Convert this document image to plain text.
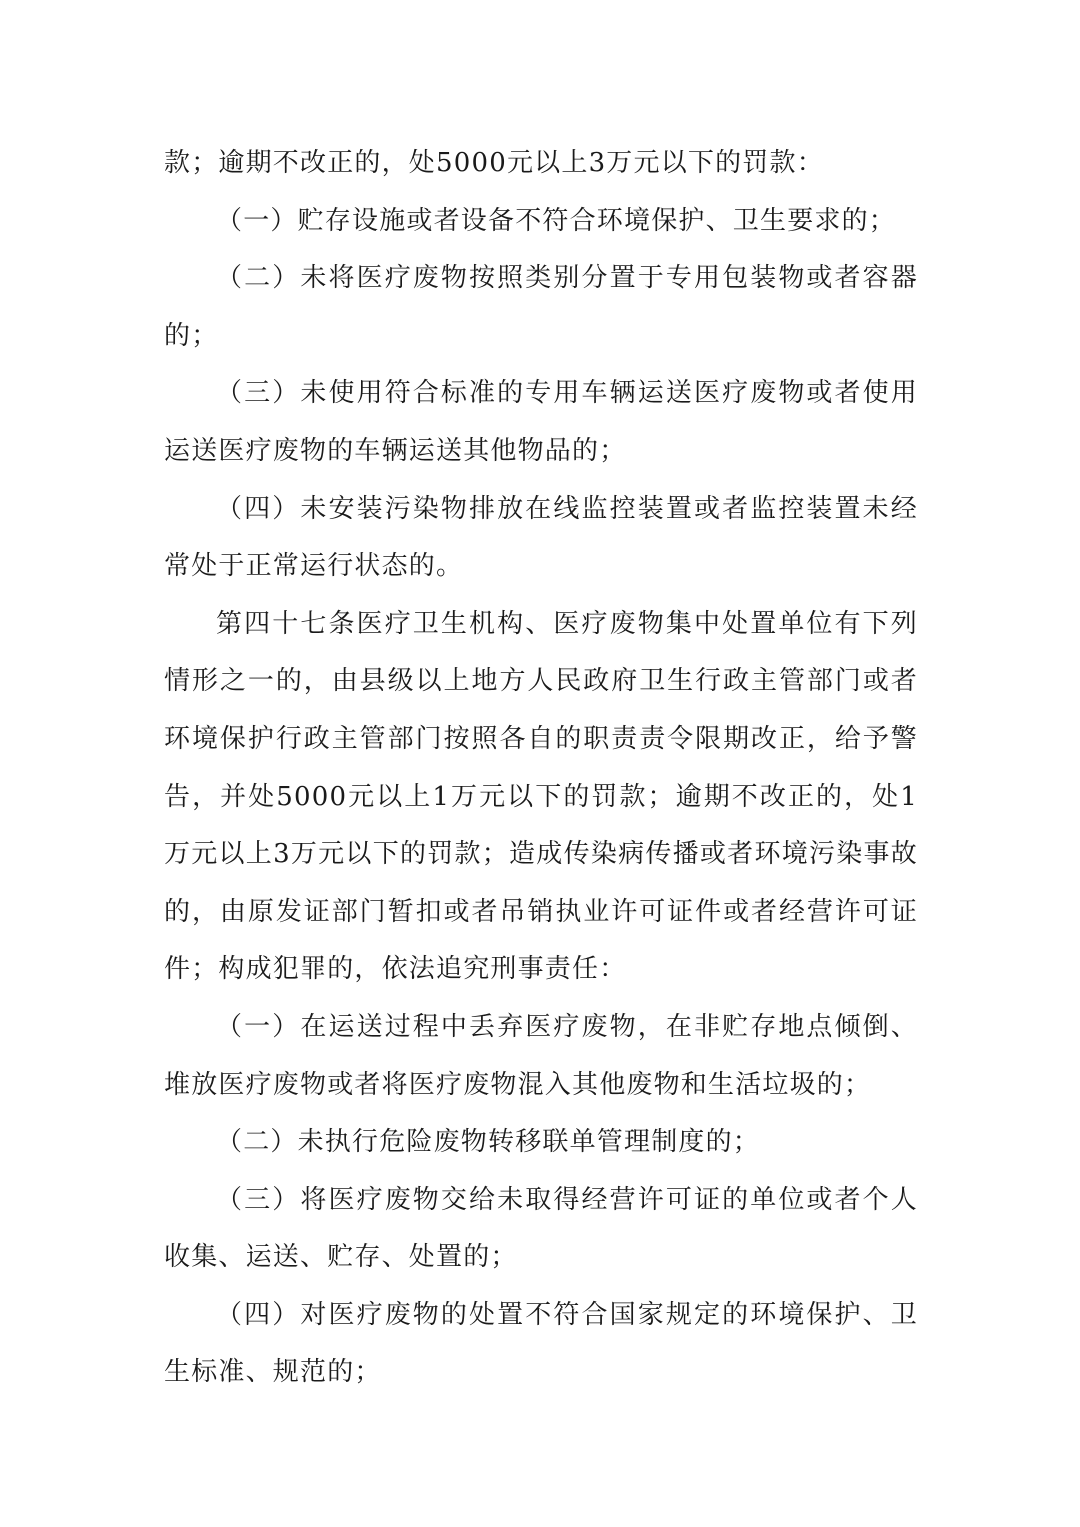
款；逾期不改正的，处5000元以上3万元以下的罚款：

（一）贮存设施或者设备不符合环境保护、卫生要求的；

（二）未将医疗废物按照类别分置于专用包装物或者容器的；

（三）未使用符合标准的专用车辆运送医疗废物或者使用运送医疗废物的车辆运送其他物品的；

（四）未安装污染物排放在线监控装置或者监控装置未经常处于正常运行状态的。

第四十七条医疗卫生机构、医疗废物集中处置单位有下列情形之一的，由县级以上地方人民政府卫生行政主管部门或者环境保护行政主管部门按照各自的职责责令限期改正，给予警告，并处5000元以上1万元以下的罚款；逾期不改正的，处1万元以上3万元以下的罚款；造成传染病传播或者环境污染事故的，由原发证部门暂扣或者吊销执业许可证件或者经营许可证件；构成犯罪的，依法追究刑事责任：

（一）在运送过程中丢弃医疗废物，在非贮存地点倾倒、堆放医疗废物或者将医疗废物混入其他废物和生活垃圾的；

（二）未执行危险废物转移联单管理制度的；

（三）将医疗废物交给未取得经营许可证的单位或者个人收集、运送、贮存、处置的；

（四）对医疗废物的处置不符合国家规定的环境保护、卫生标准、规范的；
